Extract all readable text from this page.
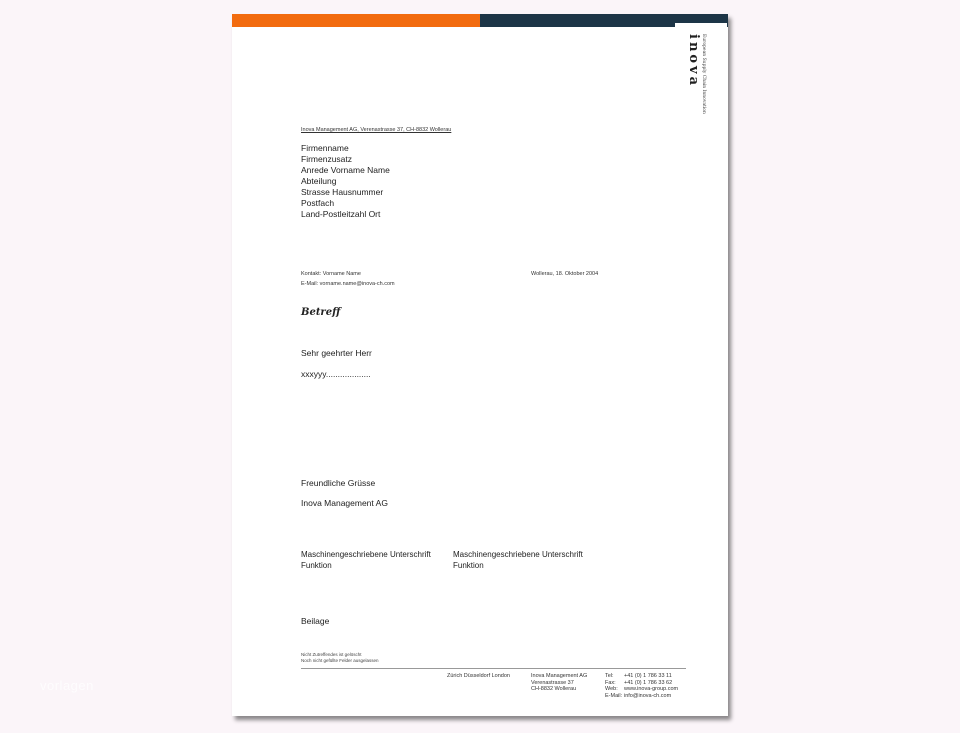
inova European Supply Chain Innovation
Inova Management AG, Verenastrasse 37, CH-8832 Wollerau
Firmenname
Firmenzusatz
Anrede Vorname Name
Abteilung
Strasse Hausnummer
Postfach
Land-Postleitzahl Ort
Kontakt: Vorname Name
E-Mail: vorname.name@inova-ch.com
Wollerau, 18. Oktober 2004
Betreff
Sehr geehrter Herr
xxxyyy...................
Freundliche Grüsse
Inova Management AG
Maschinengeschriebene Unterschrift
Funktion
Maschinengeschriebene Unterschrift
Funktion
Beilage
Nicht Zutreffendes ist gelöscht
Noch nicht gefüllte Felder ausgelassen
Zürich Düsseldorf London	Inova Management AG
Verenastrasse 37
CH-8832 Wollerau
Tel:
Fax:
Web:
E-Mail:
+41 (0) 1 786 33 11
+41 (0) 1 786 33 62
www.inova-group.com
info@inova-ch.com
vorlagen
